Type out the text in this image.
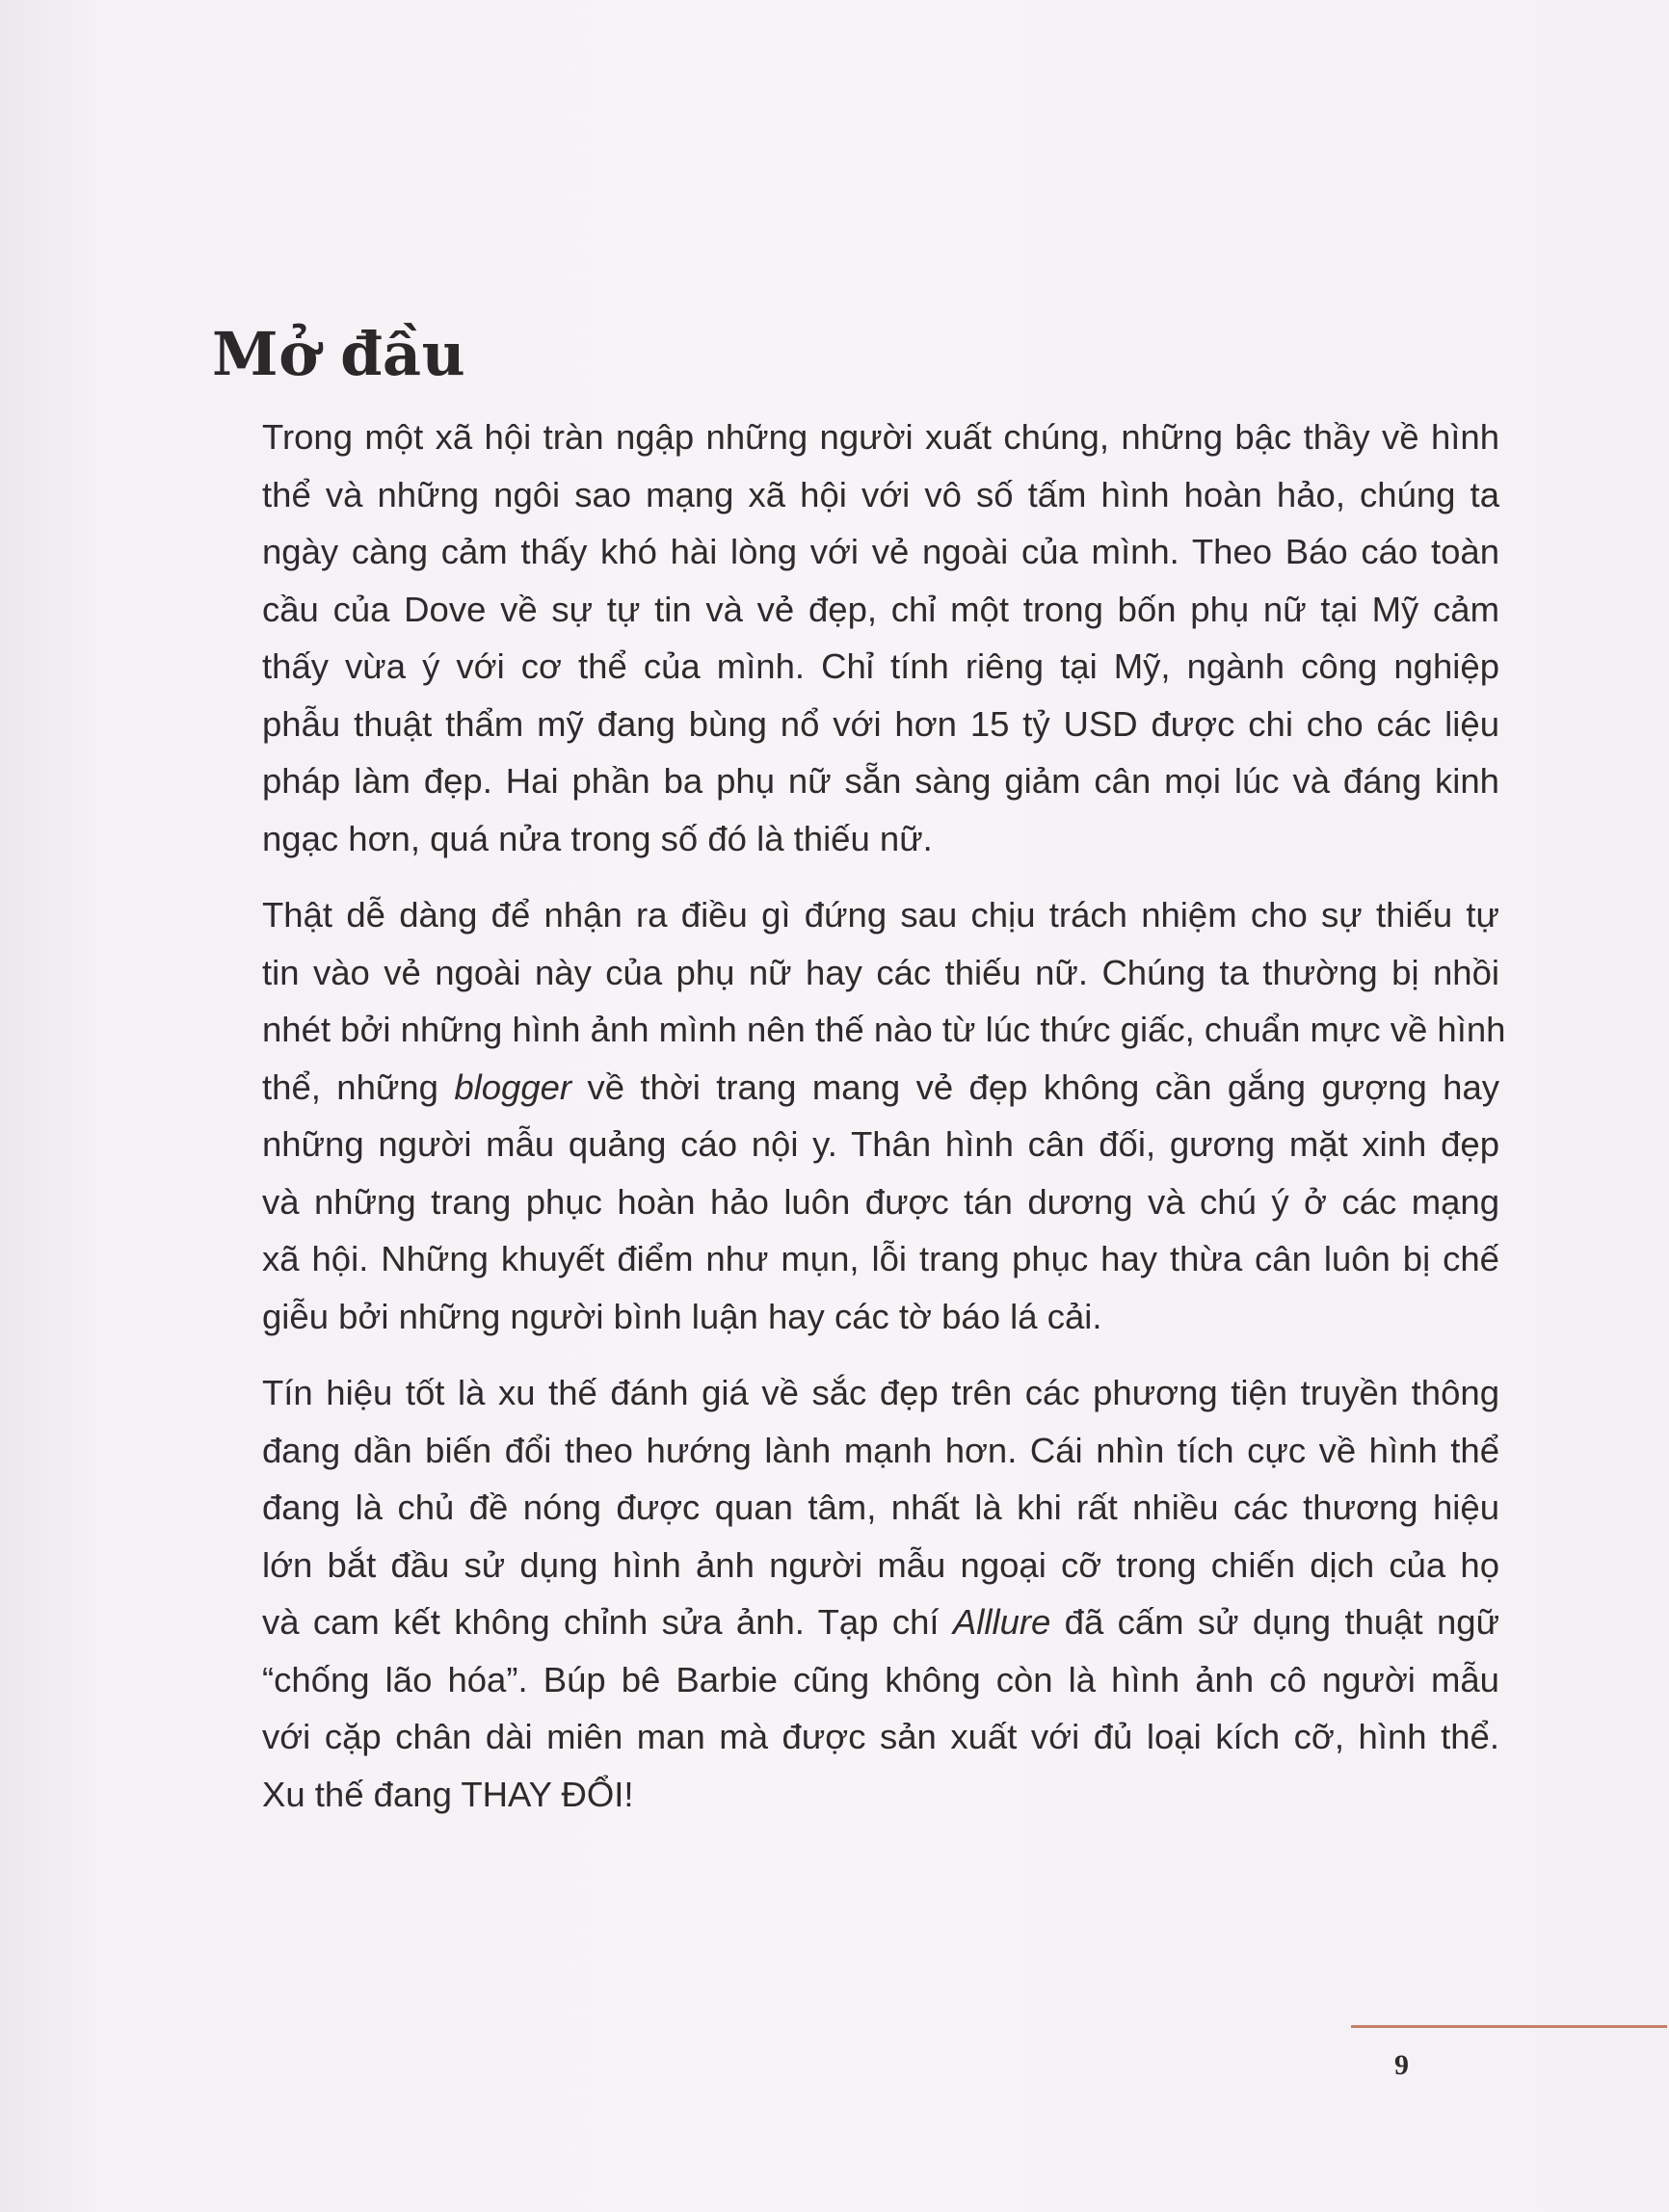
Mở đầu

Trong một xã hội tràn ngập những người xuất chúng, những bậc thầy về hình
thể và những ngôi sao mạng xã hội với vô số tấm hình hoàn hảo, chúng ta
ngày càng cảm thấy khó hài lòng với vẻ ngoài của mình. Theo Báo cáo toàn
cầu của Dove về sự tự tin và vẻ đẹp, chỉ một trong bốn phụ nữ tại Mỹ cảm
thấy vừa ý với cơ thể của mình. Chỉ tính riêng tại Mỹ, ngành công nghiệp
phẫu thuật thẩm mỹ đang bùng nổ với hơn 15 tỷ USD được chi cho các liệu
pháp làm đẹp. Hai phần ba phụ nữ sẵn sàng giảm cân mọi lúc và đáng kinh
ngạc hơn, quá nửa trong số đó là thiếu nữ.

Thật dễ dàng để nhận ra điều gì đứng sau chịu trách nhiệm cho sự thiếu tự
tin vào vẻ ngoài này của phụ nữ hay các thiếu nữ. Chúng ta thường bị nhồi
nhét bởi những hình ảnh mình nên thế nào từ lúc thức giấc, chuẩn mực về hình
thể, những blogger về thời trang mang vẻ đẹp không cần gắng gượng hay
những người mẫu quảng cáo nội y. Thân hình cân đối, gương mặt xinh đẹp
và những trang phục hoàn hảo luôn được tán dương và chú ý ở các mạng
xã hội. Những khuyết điểm như mụn, lỗi trang phục hay thừa cân luôn bị chế
giễu bởi những người bình luận hay các tờ báo lá cải.

Tín hiệu tốt là xu thế đánh giá về sắc đẹp trên các phương tiện truyền thông
đang dần biến đổi theo hướng lành mạnh hơn. Cái nhìn tích cực về hình thể
đang là chủ đề nóng được quan tâm, nhất là khi rất nhiều các thương hiệu
lớn bắt đầu sử dụng hình ảnh người mẫu ngoại cỡ trong chiến dịch của họ
và cam kết không chỉnh sửa ảnh. Tạp chí Alllure đã cấm sử dụng thuật ngữ
“chống lão hóa”. Búp bê Barbie cũng không còn là hình ảnh cô người mẫu
với cặp chân dài miên man mà được sản xuất với đủ loại kích cỡ, hình thể.
Xu thế đang THAY ĐỔI!

9
